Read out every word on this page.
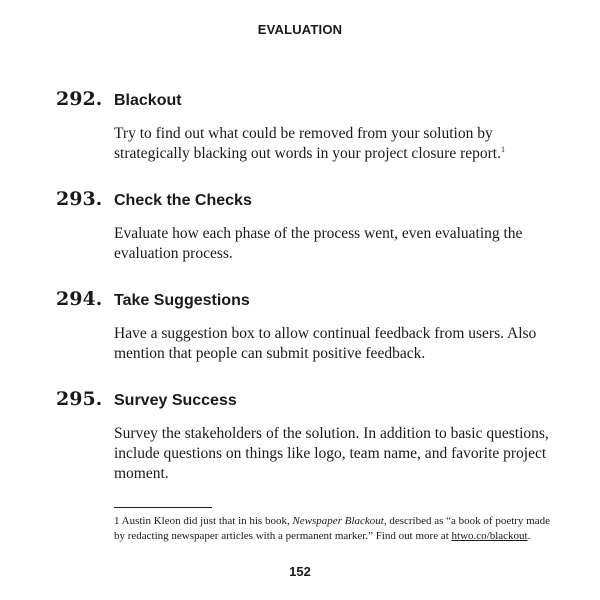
EVALUATION
292. Blackout
Try to find out what could be removed from your solution by strategically blacking out words in your project closure report.$^1$
293. Check the Checks
Evaluate how each phase of the process went, even evaluating the evaluation process.
294. Take Suggestions
Have a suggestion box to allow continual feedback from users. Also mention that people can submit positive feedback.
295. Survey Success
Survey the stakeholders of the solution. In addition to basic questions, include questions on things like logo, team name, and favorite project moment.
1 Austin Kleon did just that in his book, Newspaper Blackout, described as “a book of poetry made by redacting newspaper articles with a permanent marker.” Find out more at htwo.co/blackout.
152
